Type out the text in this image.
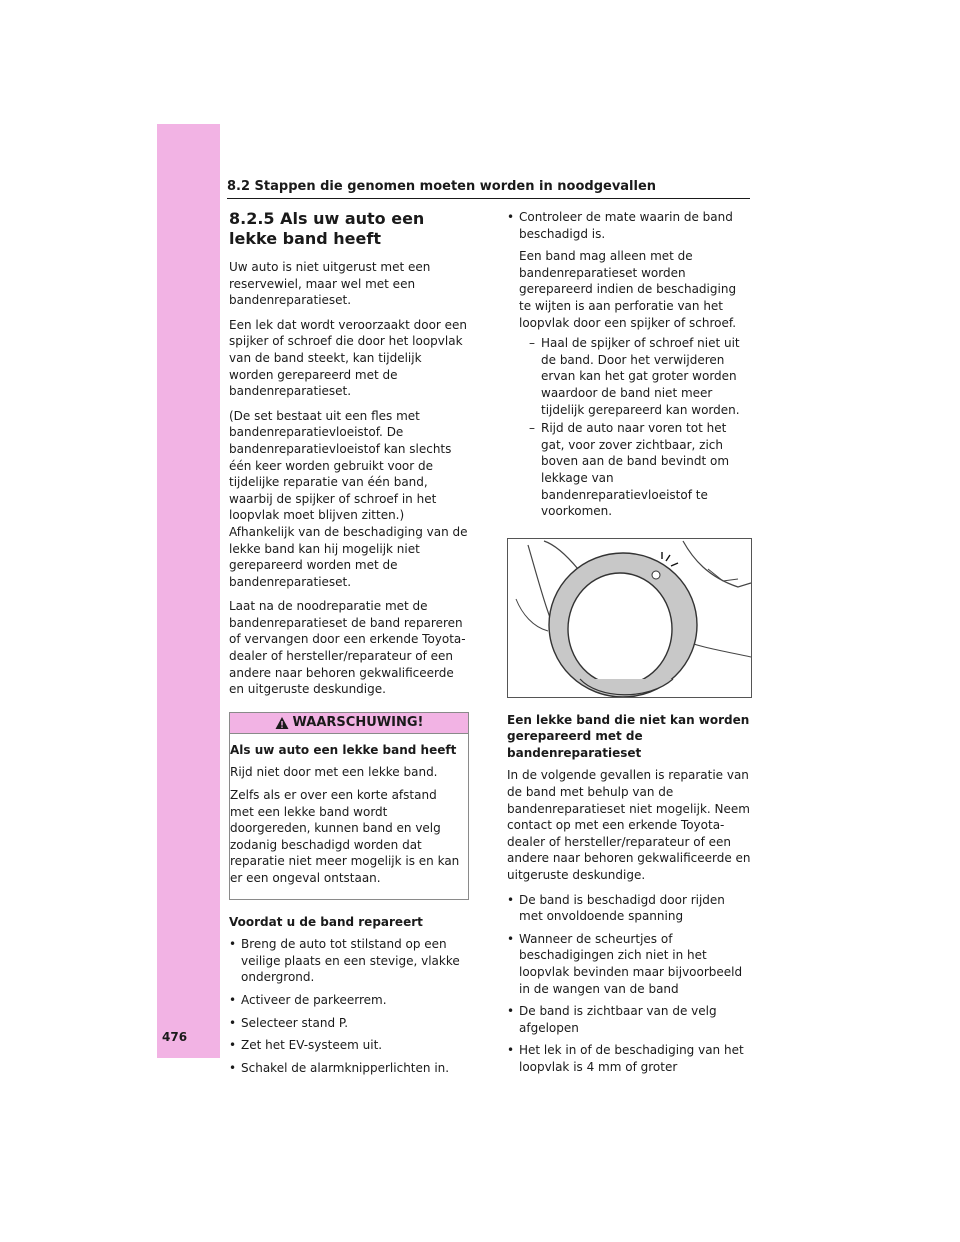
476
8.2 Stappen die genomen moeten worden in noodgevallen
8.2.5 Als uw auto een lekke band heeft

Uw auto is niet uitgerust met een reservewiel, maar wel met een bandenreparatieset.

Een lek dat wordt veroorzaakt door een spijker of schroef die door het loopvlak van de band steekt, kan tijdelijk worden gerepareerd met de bandenreparatieset.

(De set bestaat uit een fles met bandenreparatievloeistof. De bandenreparatievloeistof kan slechts één keer worden gebruikt voor de tijdelijke reparatie van één band, waarbij de spijker of schroef in het loopvlak moet blijven zitten.) Afhankelijk van de beschadiging van de lekke band kan hij mogelijk niet gerepareerd worden met de bandenreparatieset.

Laat na de noodreparatie met de bandenreparatieset de band repareren of vervangen door een erkende Toyota-dealer of hersteller/reparateur of een andere naar behoren gekwalificeerde en uitgeruste deskundige.

WAARSCHUWING!

Als uw auto een lekke band heeft

Rijd niet door met een lekke band.

Zelfs als er over een korte afstand met een lekke band wordt doorgereden, kunnen band en velg zodanig beschadigd worden dat reparatie niet meer mogelijk is en kan er een ongeval ontstaan.

Voordat u de band repareert

• Breng de auto tot stilstand op een veilige plaats en een stevige, vlakke ondergrond.
• Activeer de parkeerrem.
• Selecteer stand P.
• Zet het EV-systeem uit.
• Schakel de alarmknipperlichten in.
• Controleer de mate waarin de band beschadigd is.
Een band mag alleen met de bandenreparatieset worden gerepareerd indien de beschadiging te wijten is aan perforatie van het loopvlak door een spijker of schroef.
– Haal de spijker of schroef niet uit de band. Door het verwijderen ervan kan het gat groter worden waardoor de band niet meer tijdelijk gerepareerd kan worden.
– Rijd de auto naar voren tot het gat, voor zover zichtbaar, zich boven aan de band bevindt om lekkage van bandenreparatievloeistof te voorkomen.

Een lekke band die niet kan worden gerepareerd met de bandenreparatieset

In de volgende gevallen is reparatie van de band met behulp van de bandenreparatieset niet mogelijk. Neem contact op met een erkende Toyota-dealer of hersteller/reparateur of een andere naar behoren gekwalificeerde en uitgeruste deskundige.

• De band is beschadigd door rijden met onvoldoende spanning
• Wanneer de scheurtjes of beschadigingen zich niet in het loopvlak bevinden maar bijvoorbeeld in de wangen van de band
• De band is zichtbaar van de velg afgelopen
• Het lek in of de beschadiging van het loopvlak is 4 mm of groter
